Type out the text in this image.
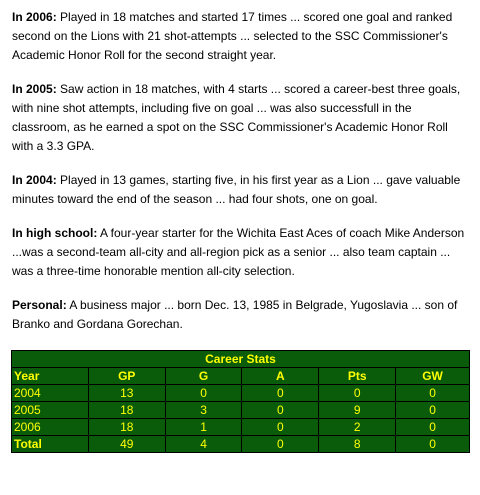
In 2006: Played in 18 matches and started 17 times ... scored one goal and ranked second on the Lions with 21 shot-attempts ... selected to the SSC Commissioner's Academic Honor Roll for the second straight year.

In 2005: Saw action in 18 matches, with 4 starts ... scored a career-best three goals, with nine shot attempts, including five on goal ... was also successfull in the classroom, as he earned a spot on the SSC Commissioner's Academic Honor Roll with a 3.3 GPA.

In 2004: Played in 13 games, starting five, in his first year as a Lion ... gave valuable minutes toward the end of the season ... had four shots, one on goal.

In high school: A four-year starter for the Wichita East Aces of coach Mike Anderson ...was a second-team all-city and all-region pick as a senior ... also team captain ... was a three-time honorable mention all-city selection.

Personal: A business major ... born Dec. 13, 1985 in Belgrade, Yugoslavia ... son of Branko and Gordana Gorechan.

Career Stats					
Year	GP	G	A	Pts	GW
2004	13	0	0	0	0
2005	18	3	0	9	0
2006	18	1	0	2	0
Total	49	4	0	8	0
